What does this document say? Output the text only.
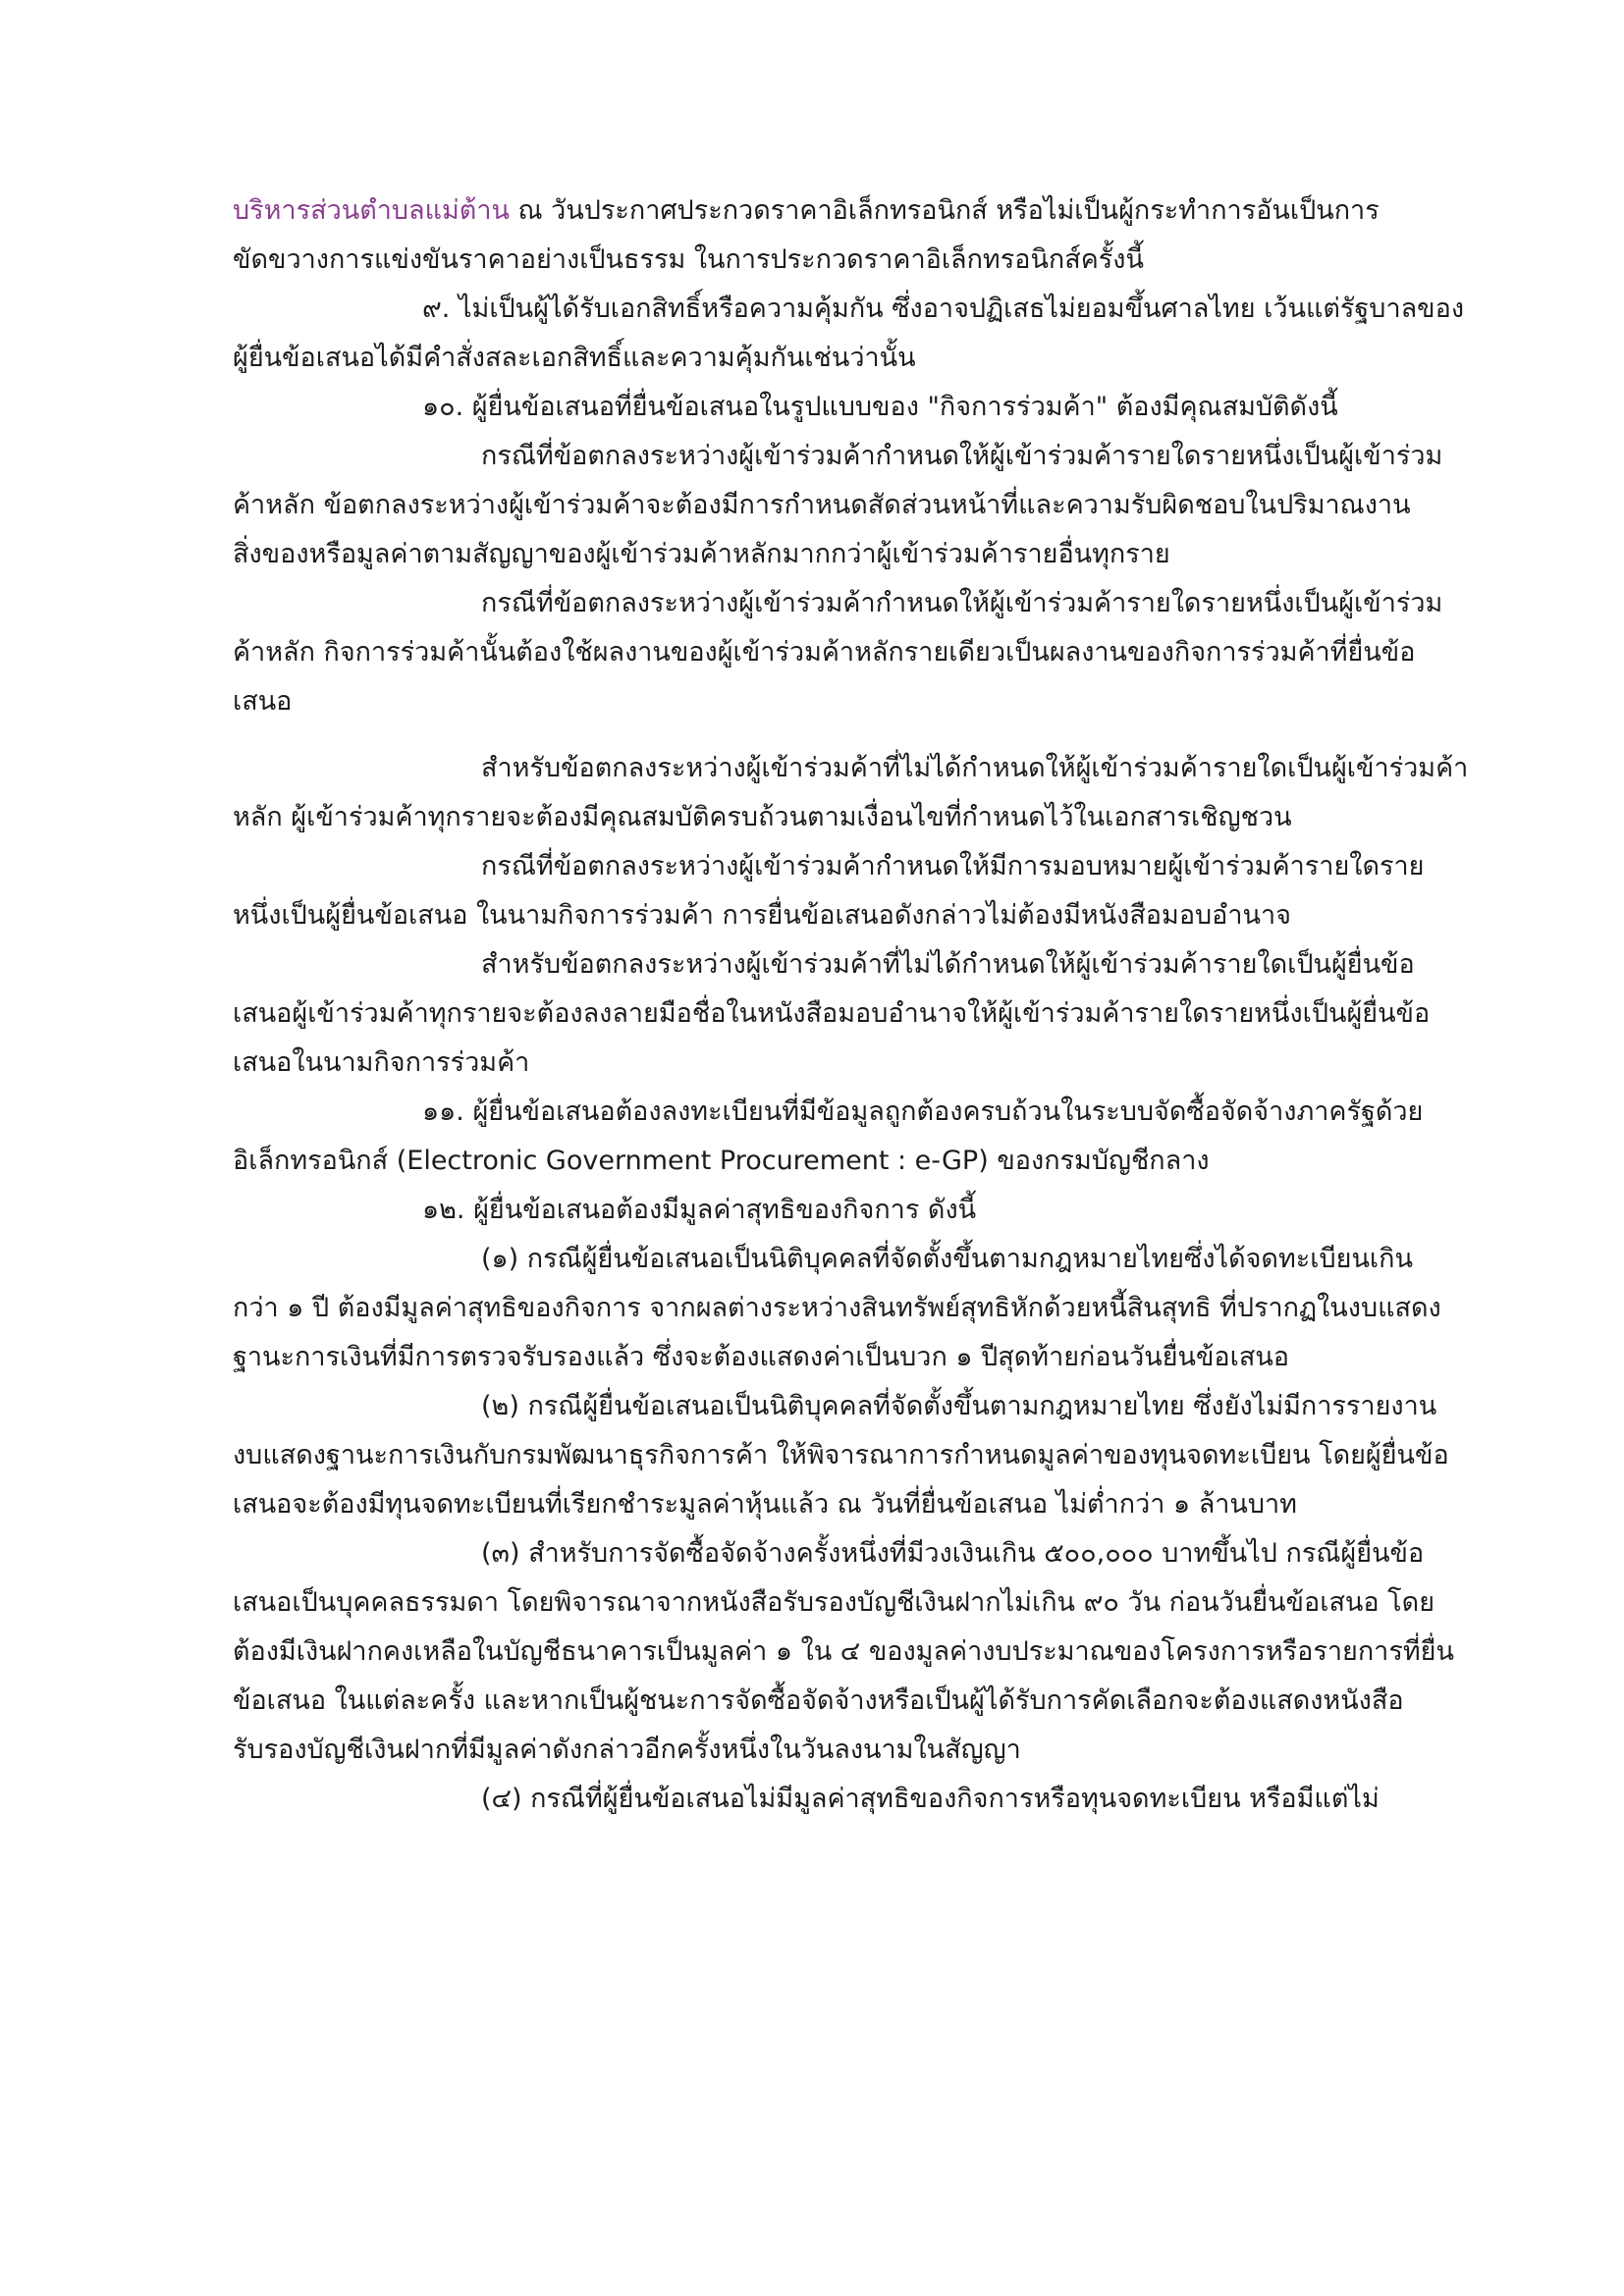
บริหารส่วนตำบลแม่ต้าน ณ วันประกาศประกวดราคาอิเล็กทรอนิกส์ หรือไม่เป็นผู้กระทำการอันเป็นการ
ขัดขวางการแข่งขันราคาอย่างเป็นธรรม ในการประกวดราคาอิเล็กทรอนิกส์ครั้งนี้
๙. ไม่เป็นผู้ได้รับเอกสิทธิ์หรือความคุ้มกัน ซึ่งอาจปฏิเสธไม่ยอมขึ้นศาลไทย เว้นแต่รัฐบาลของ
ผู้ยื่นข้อเสนอได้มีคำสั่งสละเอกสิทธิ์และความคุ้มกันเช่นว่านั้น
๑๐. ผู้ยื่นข้อเสนอที่ยื่นข้อเสนอในรูปแบบของ "กิจการร่วมค้า" ต้องมีคุณสมบัติดังนี้
กรณีที่ข้อตกลงระหว่างผู้เข้าร่วมค้ากำหนดให้ผู้เข้าร่วมค้ารายใดรายหนึ่งเป็นผู้เข้าร่วม
ค้าหลัก ข้อตกลงระหว่างผู้เข้าร่วมค้าจะต้องมีการกำหนดสัดส่วนหน้าที่และความรับผิดชอบในปริมาณงาน
สิ่งของหรือมูลค่าตามสัญญาของผู้เข้าร่วมค้าหลักมากกว่าผู้เข้าร่วมค้ารายอื่นทุกราย
กรณีที่ข้อตกลงระหว่างผู้เข้าร่วมค้ากำหนดให้ผู้เข้าร่วมค้ารายใดรายหนึ่งเป็นผู้เข้าร่วม
ค้าหลัก กิจการร่วมค้านั้นต้องใช้ผลงานของผู้เข้าร่วมค้าหลักรายเดียวเป็นผลงานของกิจการร่วมค้าที่ยื่นข้อ
เสนอ
สำหรับข้อตกลงระหว่างผู้เข้าร่วมค้าที่ไม่ได้กำหนดให้ผู้เข้าร่วมค้ารายใดเป็นผู้เข้าร่วมค้า
หลัก ผู้เข้าร่วมค้าทุกรายจะต้องมีคุณสมบัติครบถ้วนตามเงื่อนไขที่กำหนดไว้ในเอกสารเชิญชวน
กรณีที่ข้อตกลงระหว่างผู้เข้าร่วมค้ากำหนดให้มีการมอบหมายผู้เข้าร่วมค้ารายใดราย
หนึ่งเป็นผู้ยื่นข้อเสนอ ในนามกิจการร่วมค้า การยื่นข้อเสนอดังกล่าวไม่ต้องมีหนังสือมอบอำนาจ
สำหรับข้อตกลงระหว่างผู้เข้าร่วมค้าที่ไม่ได้กำหนดให้ผู้เข้าร่วมค้ารายใดเป็นผู้ยื่นข้อ
เสนอผู้เข้าร่วมค้าทุกรายจะต้องลงลายมือชื่อในหนังสือมอบอำนาจให้ผู้เข้าร่วมค้ารายใดรายหนึ่งเป็นผู้ยื่นข้อ
เสนอในนามกิจการร่วมค้า
๑๑. ผู้ยื่นข้อเสนอต้องลงทะเบียนที่มีข้อมูลถูกต้องครบถ้วนในระบบจัดซื้อจัดจ้างภาครัฐด้วย
อิเล็กทรอนิกส์ (Electronic Government Procurement : e-GP) ของกรมบัญชีกลาง
๑๒. ผู้ยื่นข้อเสนอต้องมีมูลค่าสุทธิของกิจการ ดังนี้
(๑) กรณีผู้ยื่นข้อเสนอเป็นนิติบุคคลที่จัดตั้งขึ้นตามกฎหมายไทยซึ่งได้จดทะเบียนเกิน
กว่า ๑ ปี ต้องมีมูลค่าสุทธิของกิจการ จากผลต่างระหว่างสินทรัพย์สุทธิหักด้วยหนี้สินสุทธิ ที่ปรากฏในงบแสดง
ฐานะการเงินที่มีการตรวจรับรองแล้ว ซึ่งจะต้องแสดงค่าเป็นบวก ๑ ปีสุดท้ายก่อนวันยื่นข้อเสนอ
(๒) กรณีผู้ยื่นข้อเสนอเป็นนิติบุคคลที่จัดตั้งขึ้นตามกฎหมายไทย ซึ่งยังไม่มีการรายงาน
งบแสดงฐานะการเงินกับกรมพัฒนาธุรกิจการค้า ให้พิจารณาการกำหนดมูลค่าของทุนจดทะเบียน โดยผู้ยื่นข้อ
เสนอจะต้องมีทุนจดทะเบียนที่เรียกชำระมูลค่าหุ้นแล้ว ณ วันที่ยื่นข้อเสนอ ไม่ต่ำกว่า ๑ ล้านบาท
(๓) สำหรับการจัดซื้อจัดจ้างครั้งหนึ่งที่มีวงเงินเกิน ๕๐๐,๐๐๐ บาทขึ้นไป กรณีผู้ยื่นข้อ
เสนอเป็นบุคคลธรรมดา โดยพิจารณาจากหนังสือรับรองบัญชีเงินฝากไม่เกิน ๙๐ วัน ก่อนวันยื่นข้อเสนอ โดย
ต้องมีเงินฝากคงเหลือในบัญชีธนาคารเป็นมูลค่า ๑ ใน ๔ ของมูลค่างบประมาณของโครงการหรือรายการที่ยื่น
ข้อเสนอ ในแต่ละครั้ง และหากเป็นผู้ชนะการจัดซื้อจัดจ้างหรือเป็นผู้ได้รับการคัดเลือกจะต้องแสดงหนังสือ
รับรองบัญชีเงินฝากที่มีมูลค่าดังกล่าวอีกครั้งหนึ่งในวันลงนามในสัญญา
(๔) กรณีที่ผู้ยื่นข้อเสนอไม่มีมูลค่าสุทธิของกิจการหรือทุนจดทะเบียน หรือมีแต่ไม่
